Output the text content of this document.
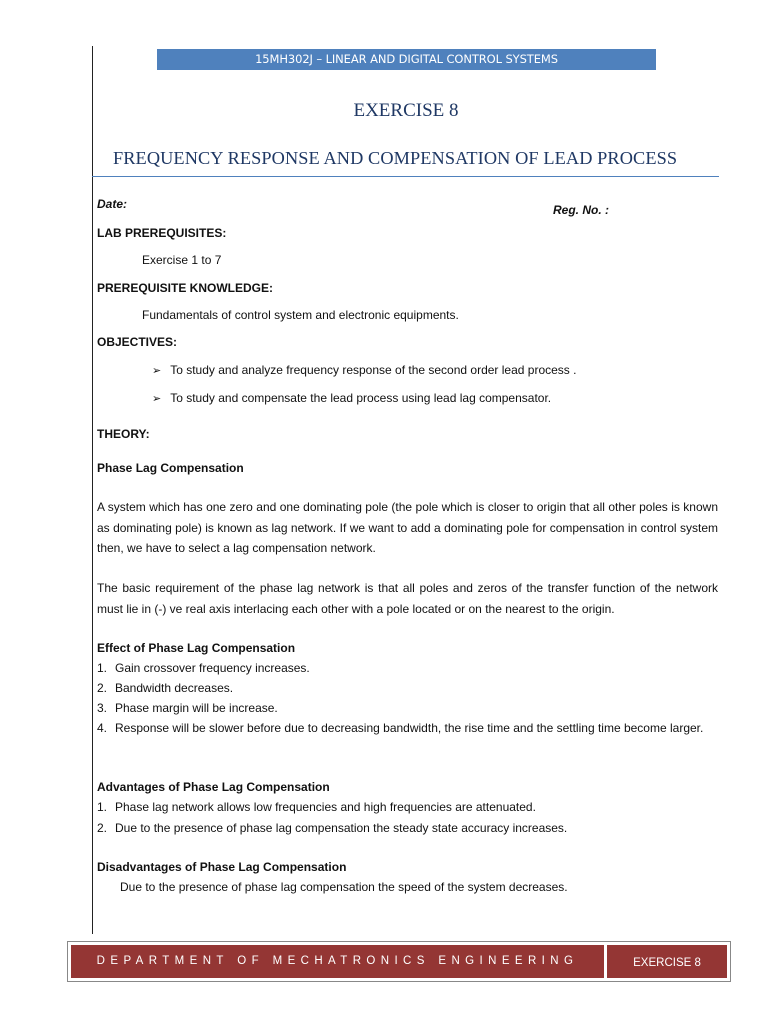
15MH302J – LINEAR AND DIGITAL CONTROL SYSTEMS
EXERCISE 8
FREQUENCY RESPONSE AND COMPENSATION OF LEAD PROCESS
Date:	Reg. No. :
LAB PREREQUISITES:
Exercise 1 to 7
PREREQUISITE KNOWLEDGE:
Fundamentals of control system and electronic equipments.
OBJECTIVES:
➢ To study and analyze frequency response of the second order lead process .
➢ To study and compensate the lead process using lead lag compensator.
THEORY:
Phase Lag Compensation
A system which has one zero and one dominating pole (the pole which is closer to origin that all other poles is known as dominating pole) is known as lag network. If we want to add a dominating pole for compensation in control system then, we have to select a lag compensation network.
The basic requirement of the phase lag network is that all poles and zeros of the transfer function of the network must lie in (-) ve real axis interlacing each other with a pole located or on the nearest to the origin.
Effect of Phase Lag Compensation
1. Gain crossover frequency increases.
2. Bandwidth decreases.
3. Phase margin will be increase.
4. Response will be slower before due to decreasing bandwidth, the rise time and the settling time become larger.
Advantages of Phase Lag Compensation
1. Phase lag network allows low frequencies and high frequencies are attenuated.
2. Due to the presence of phase lag compensation the steady state accuracy increases.
Disadvantages of Phase Lag Compensation
Due to the presence of phase lag compensation the speed of the system decreases.
DEPARTMENT OF MECHATRONICS ENGINEERING	EXERCISE 8
